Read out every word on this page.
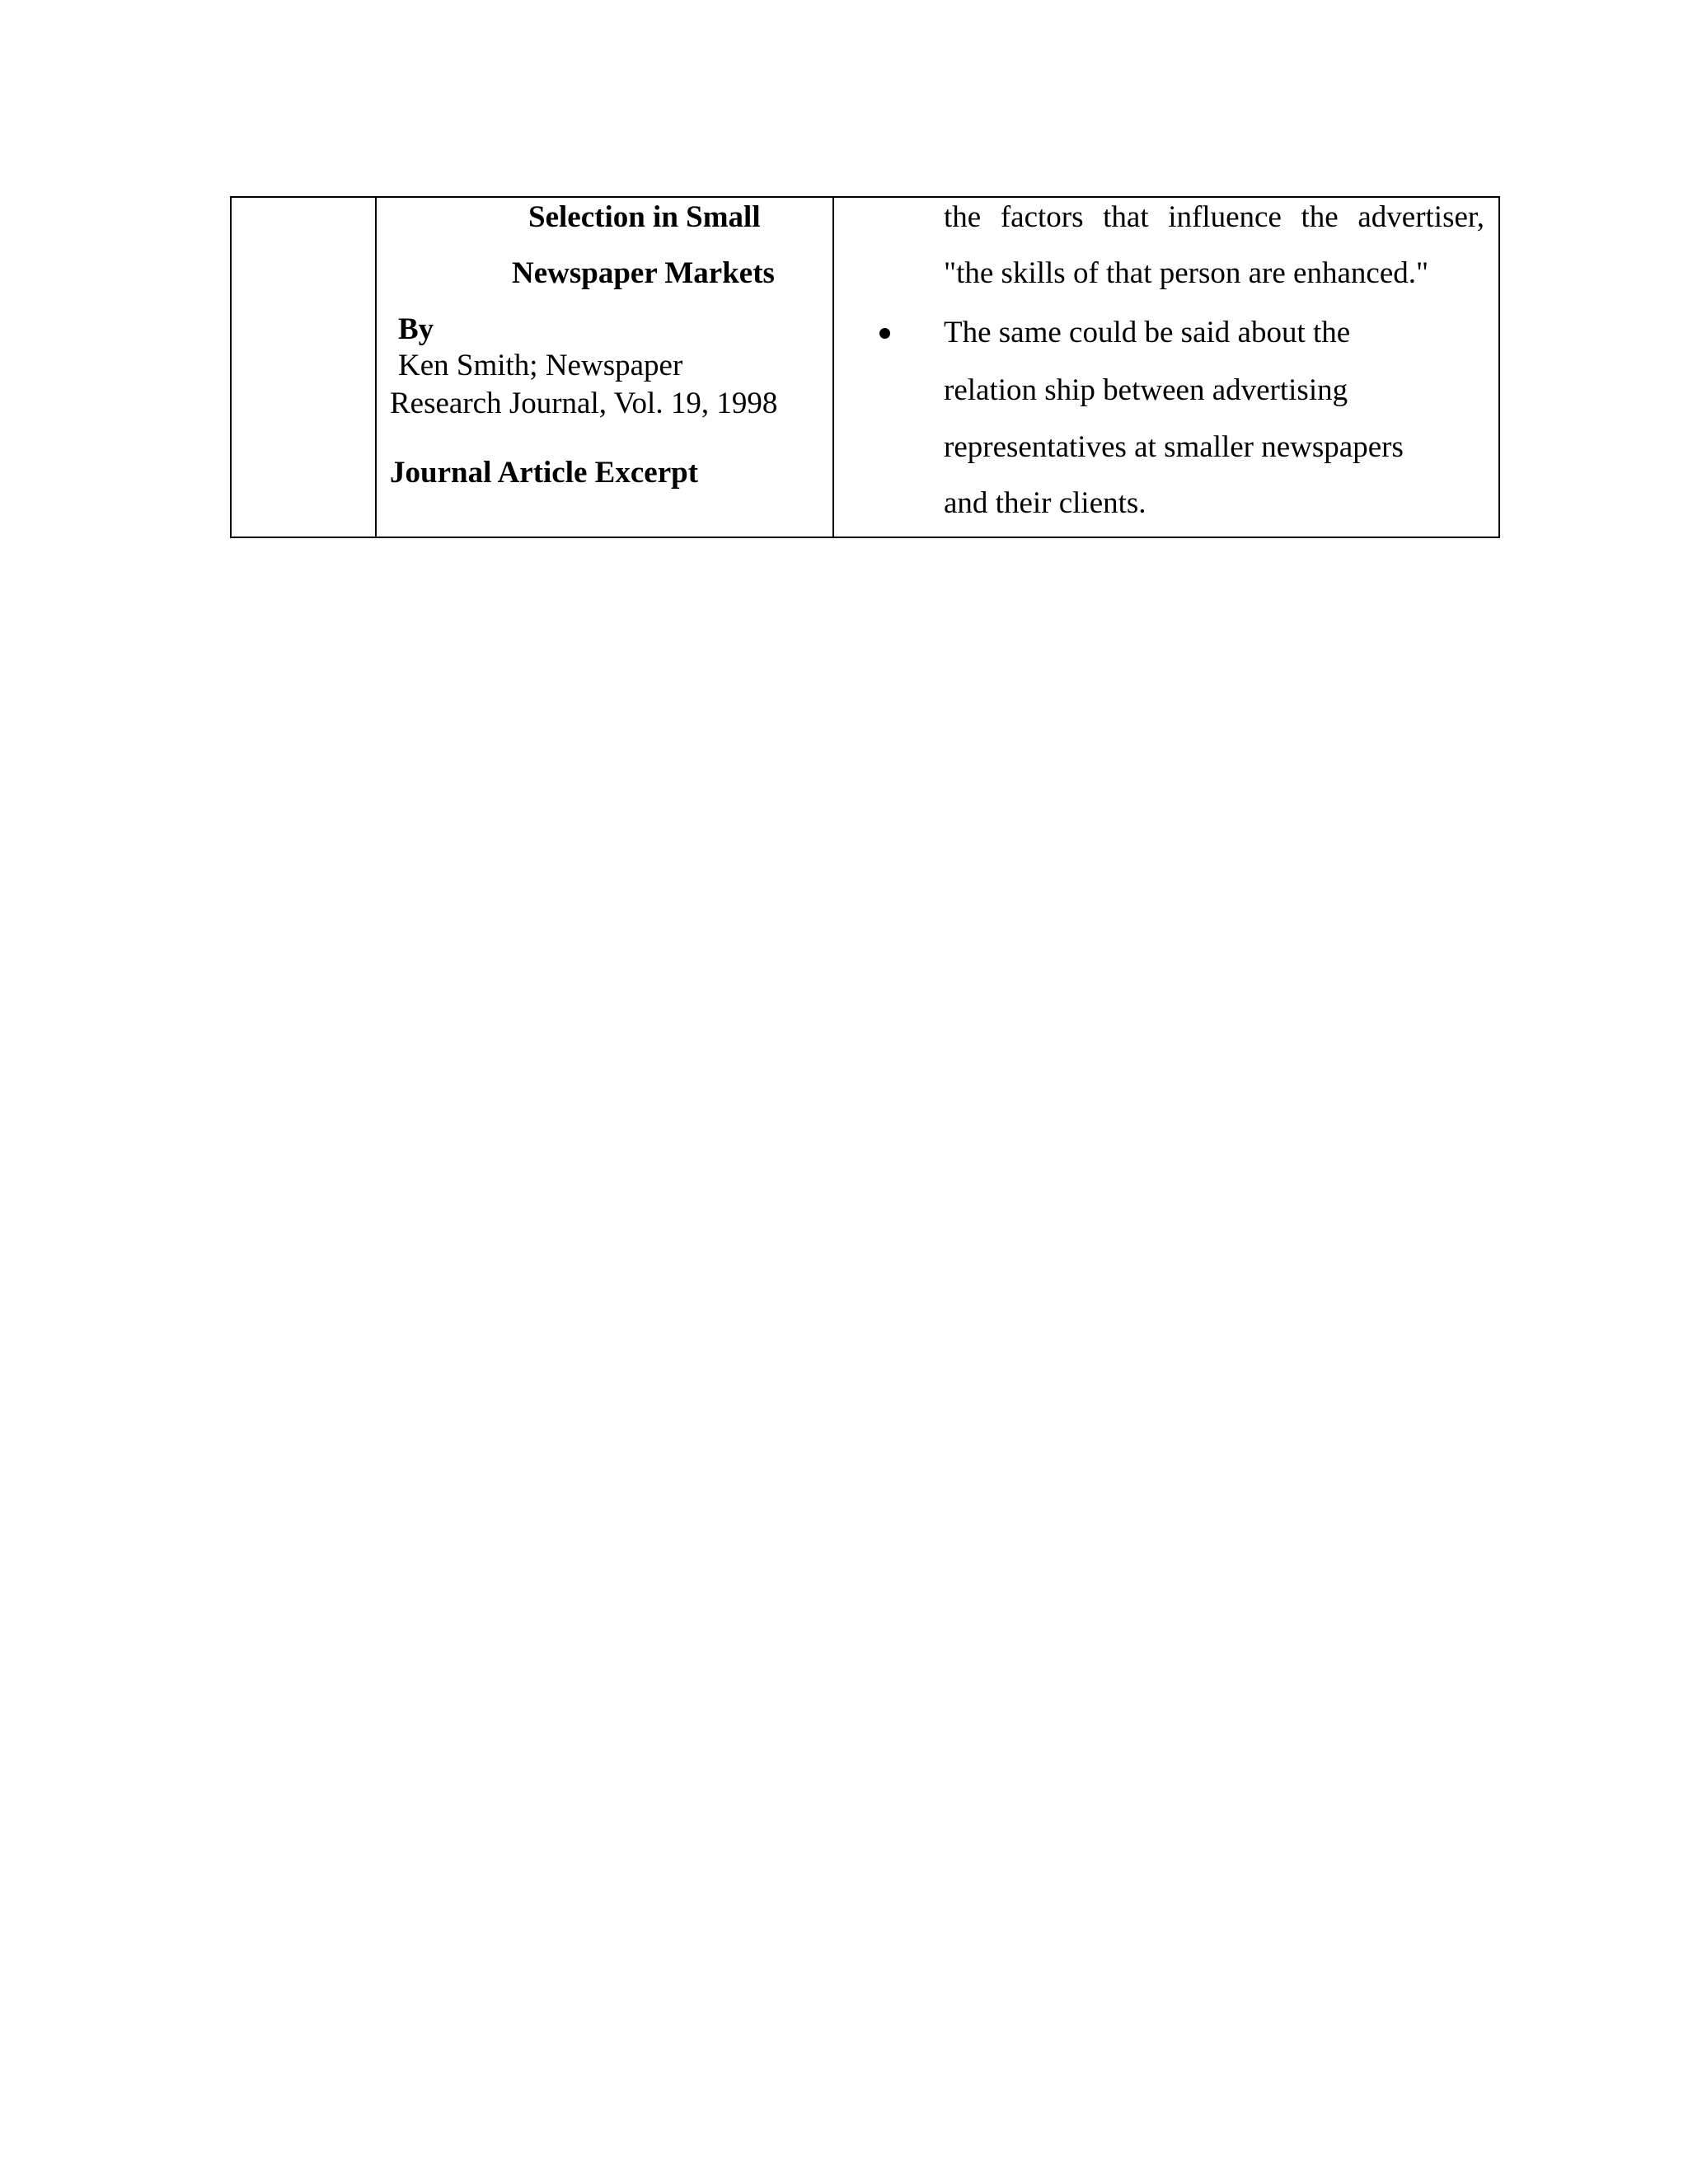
Selection in Small
Newspaper Markets
By
Ken Smith; Newspaper
Research Journal, Vol. 19, 1998
Journal Article Excerpt
the factors that influence the advertiser,
"the skills of that person are enhanced."
The same could be said about the
relation ship between advertising
representatives at smaller newspapers
and their clients.
